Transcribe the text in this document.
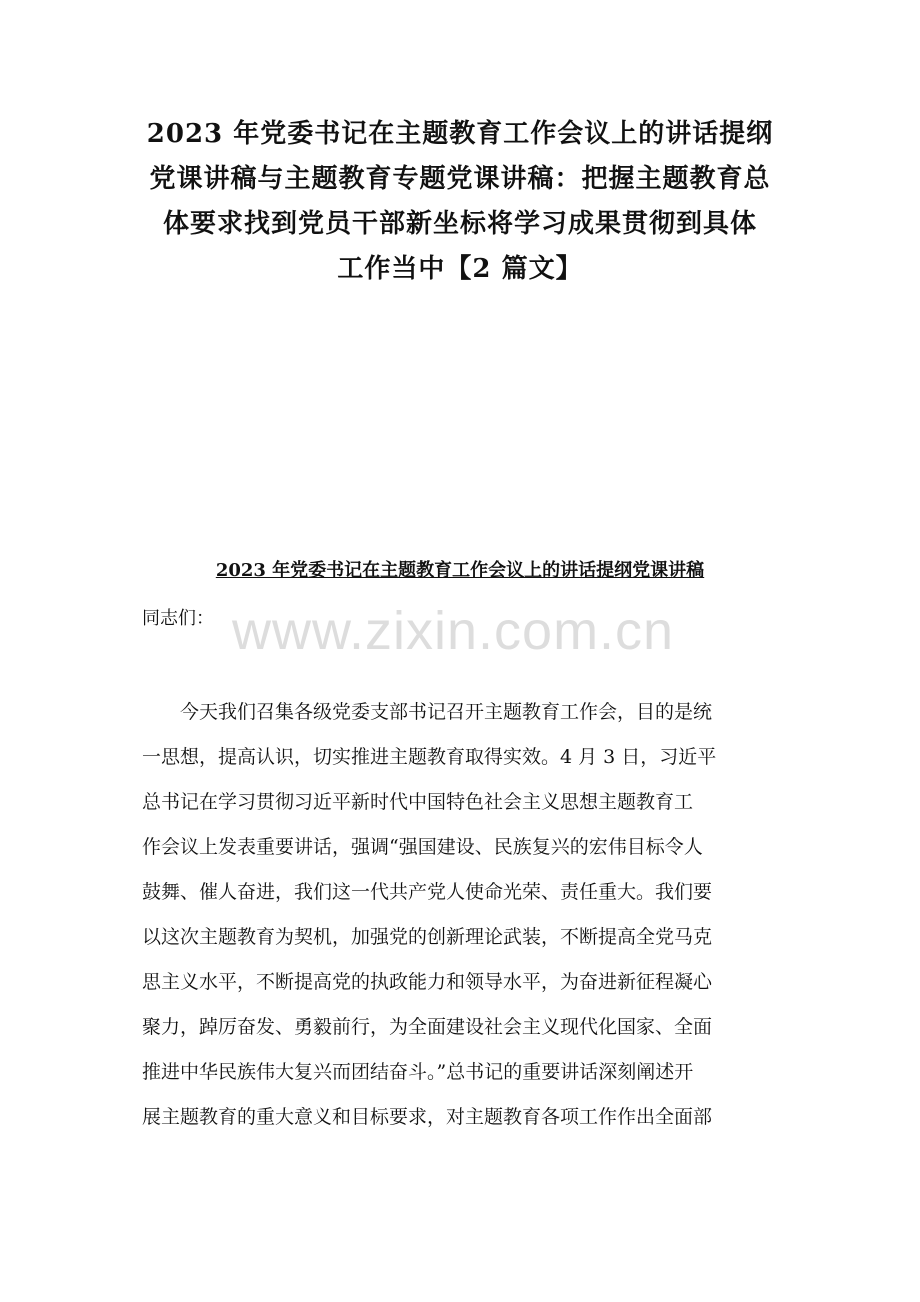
2023 年党委书记在主题教育工作会议上的讲话提纲
党课讲稿与主题教育专题党课讲稿：把握主题教育总
体要求找到党员干部新坐标将学习成果贯彻到具体
工作当中【2 篇文】
2023 年党委书记在主题教育工作会议上的讲话提纲党课讲稿
www.zixin.com.cn
同志们：
　　今天我们召集各级党委支部书记召开主题教育工作会，目的是统
一思想，提高认识，切实推进主题教育取得实效。4 月 3 日，习近平
总书记在学习贯彻习近平新时代中国特色社会主义思想主题教育工
作会议上发表重要讲话，强调“强国建设、民族复兴的宏伟目标令人
鼓舞、催人奋进，我们这一代共产党人使命光荣、责任重大。我们要
以这次主题教育为契机，加强党的创新理论武装，不断提高全党马克
思主义水平，不断提高党的执政能力和领导水平，为奋进新征程凝心
聚力，踔厉奋发、勇毅前行，为全面建设社会主义现代化国家、全面
推进中华民族伟大复兴而团结奋斗。”总书记的重要讲话深刻阐述开
展主题教育的重大意义和目标要求，对主题教育各项工作作出全面部
